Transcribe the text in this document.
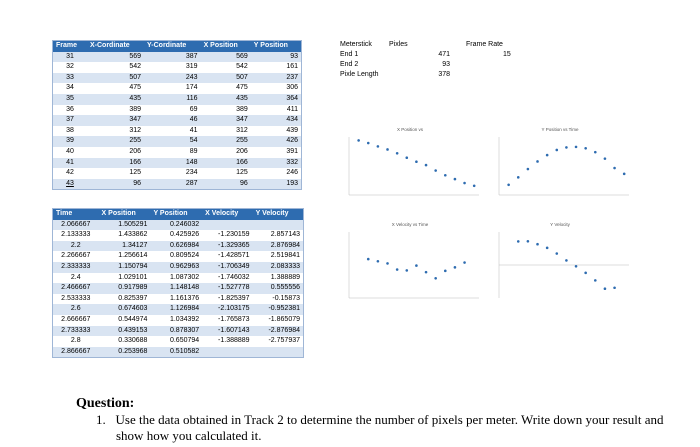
Frame	X-Cordinate	Y-Cordinate	X Position	Y Position
31	569	387	569	93
32	542	319	542	161
33	507	243	507	237
34	475	174	475	306
35	435	116	435	364
36	389	69	389	411
37	347	46	347	434
38	312	41	312	439
39	255	54	255	426
40	206	89	206	391
41	166	148	166	332
42	125	234	125	246
43	96	287	96	193
Time	X Position	Y Position	X Velocity	Y Velocity
2.066667	1.505291	0.246032		
2.133333	1.433862	0.425926	-1.230159	2.857143
2.2	1.34127	0.626984	-1.329365	2.876984
2.266667	1.256614	0.809524	-1.428571	2.519841
2.333333	1.150794	0.962963	-1.706349	2.083333
2.4	1.029101	1.087302	-1.746032	1.388889
2.466667	0.917989	1.148148	-1.527778	0.555556
2.533333	0.825397	1.161376	-1.825397	-0.15873
2.6	0.674603	1.126984	-2.103175	-0.952381
2.666667	0.544974	1.034392	-1.765873	-1.865079
2.733333	0.439153	0.878307	-1.607143	-2.876984
2.8	0.330688	0.650794	-1.388889	-2.757937
2.866667	0.253968	0.510582		
Meterstick Pixles
End 1	471
End 2	93
Pixle Length	378
Frame Rate
15
X Position vs	Y Position vs Time
X Velocity vs Time	Y Velocity
Question:
1. Use the data obtained in Track 2 to determine the number of pixels per meter. Write down your result and show how you calculated it.
